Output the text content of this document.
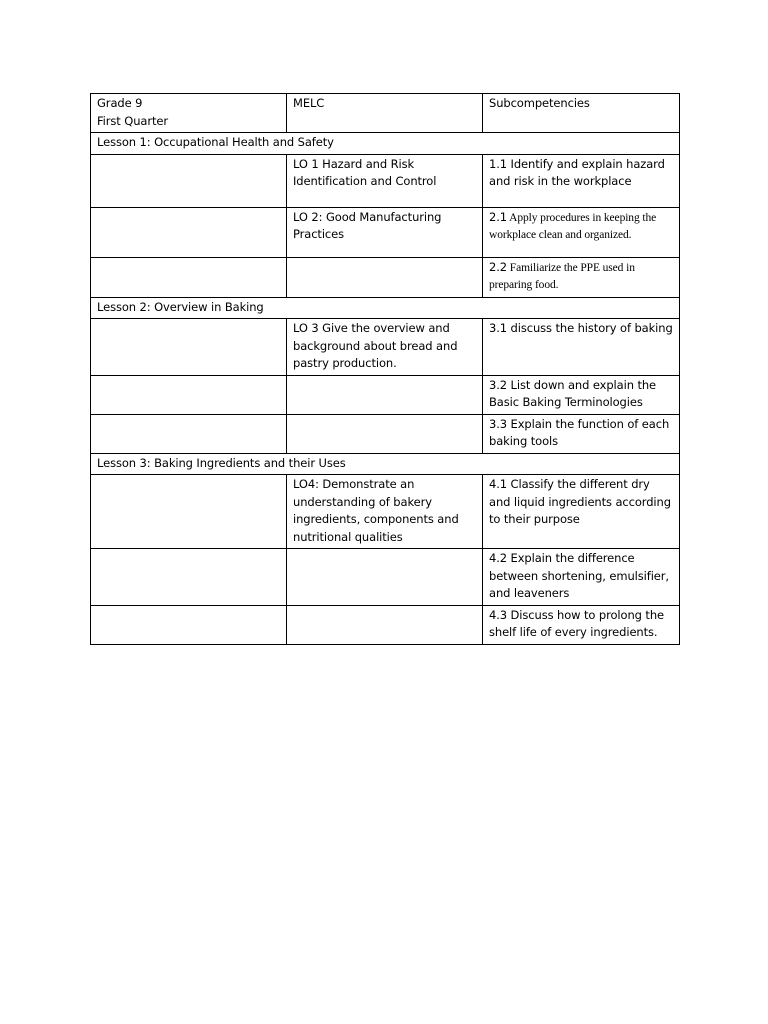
Grade 9
First Quarter	MELC	Subcompetencies
Lesson 1: Occupational Health and Safety		
	LO 1 Hazard and Risk Identification and Control	1.1 Identify and explain hazard and risk in the workplace
	LO 2: Good Manufacturing Practices	2.1 Apply procedures in keeping the workplace clean and organized.
		2.2 Familiarize the PPE used in preparing food.
Lesson 2: Overview in Baking		
	LO 3 Give the overview and background about bread and pastry production.	3.1 discuss the history of baking
		3.2 List down and explain the Basic Baking Terminologies
		3.3 Explain the function of each baking tools
Lesson 3: Baking Ingredients and their Uses		
	LO4: Demonstrate an understanding of bakery ingredients, components and nutritional qualities	4.1 Classify the different dry and liquid ingredients according to their purpose
		4.2 Explain the difference between shortening, emulsifier, and leaveners
		4.3 Discuss how to prolong the shelf life of every ingredients.
